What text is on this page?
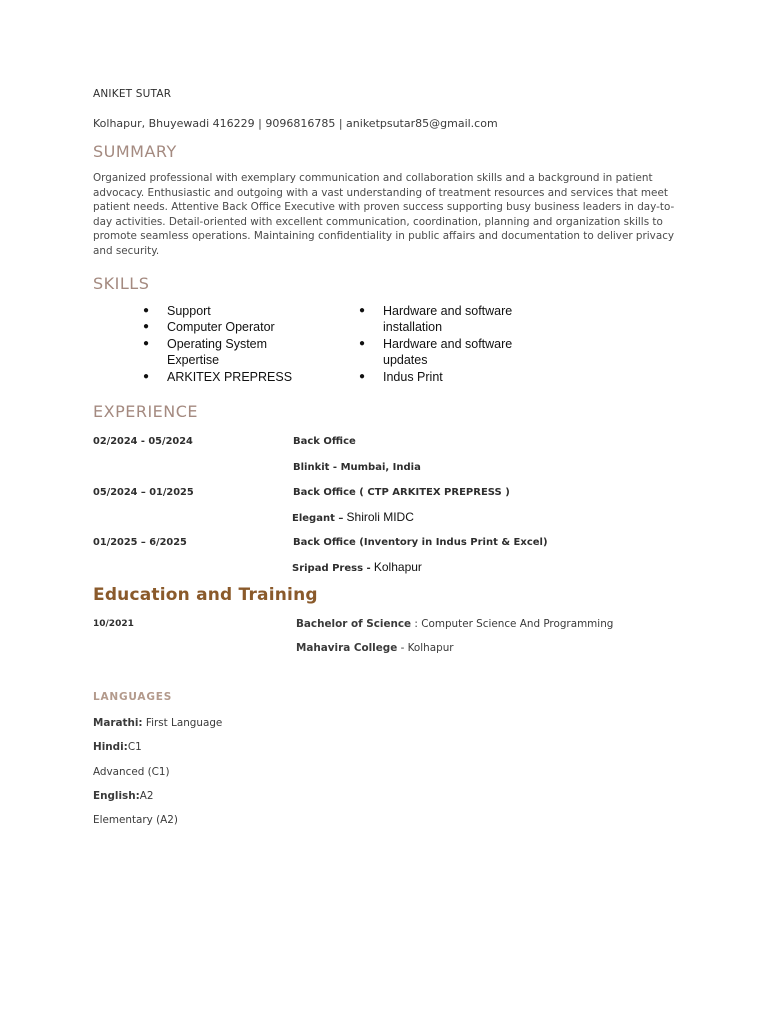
ANIKET SUTAR
Kolhapur, Bhuyewadi 416229 | 9096816785 | aniketpsutar85@gmail.com
SUMMARY
Organized professional with exemplary communication and collaboration skills and a background in patient advocacy. Enthusiastic and outgoing with a vast understanding of treatment resources and services that meet patient needs. Attentive Back Office Executive with proven success supporting busy business leaders in day-to-day activities. Detail-oriented with excellent communication, coordination, planning and organization skills to promote seamless operations. Maintaining confidentiality in public affairs and documentation to deliver privacy and security.
SKILLS
● Support
● Computer Operator
● Operating System Expertise
● ARKITEX PREPRESS
● Hardware and software installation
● Hardware and software updates
● Indus Print
EXPERIENCE
02/2024 - 05/2024	Back Office
Blinkit - Mumbai, India
05/2024 – 01/2025	Back Office ( CTP ARKITEX PREPRESS )
Elegant – Shiroli MIDC
01/2025 – 6/2025	Back Office (Inventory in Indus Print & Excel)
Sripad Press - Kolhapur
Education and Training
10/2021	Bachelor of Science : Computer Science And Programming
Mahavira College - Kolhapur
LANGUAGES
Marathi: First Language
Hindi:C1
Advanced (C1)
English:A2
Elementary (A2)
